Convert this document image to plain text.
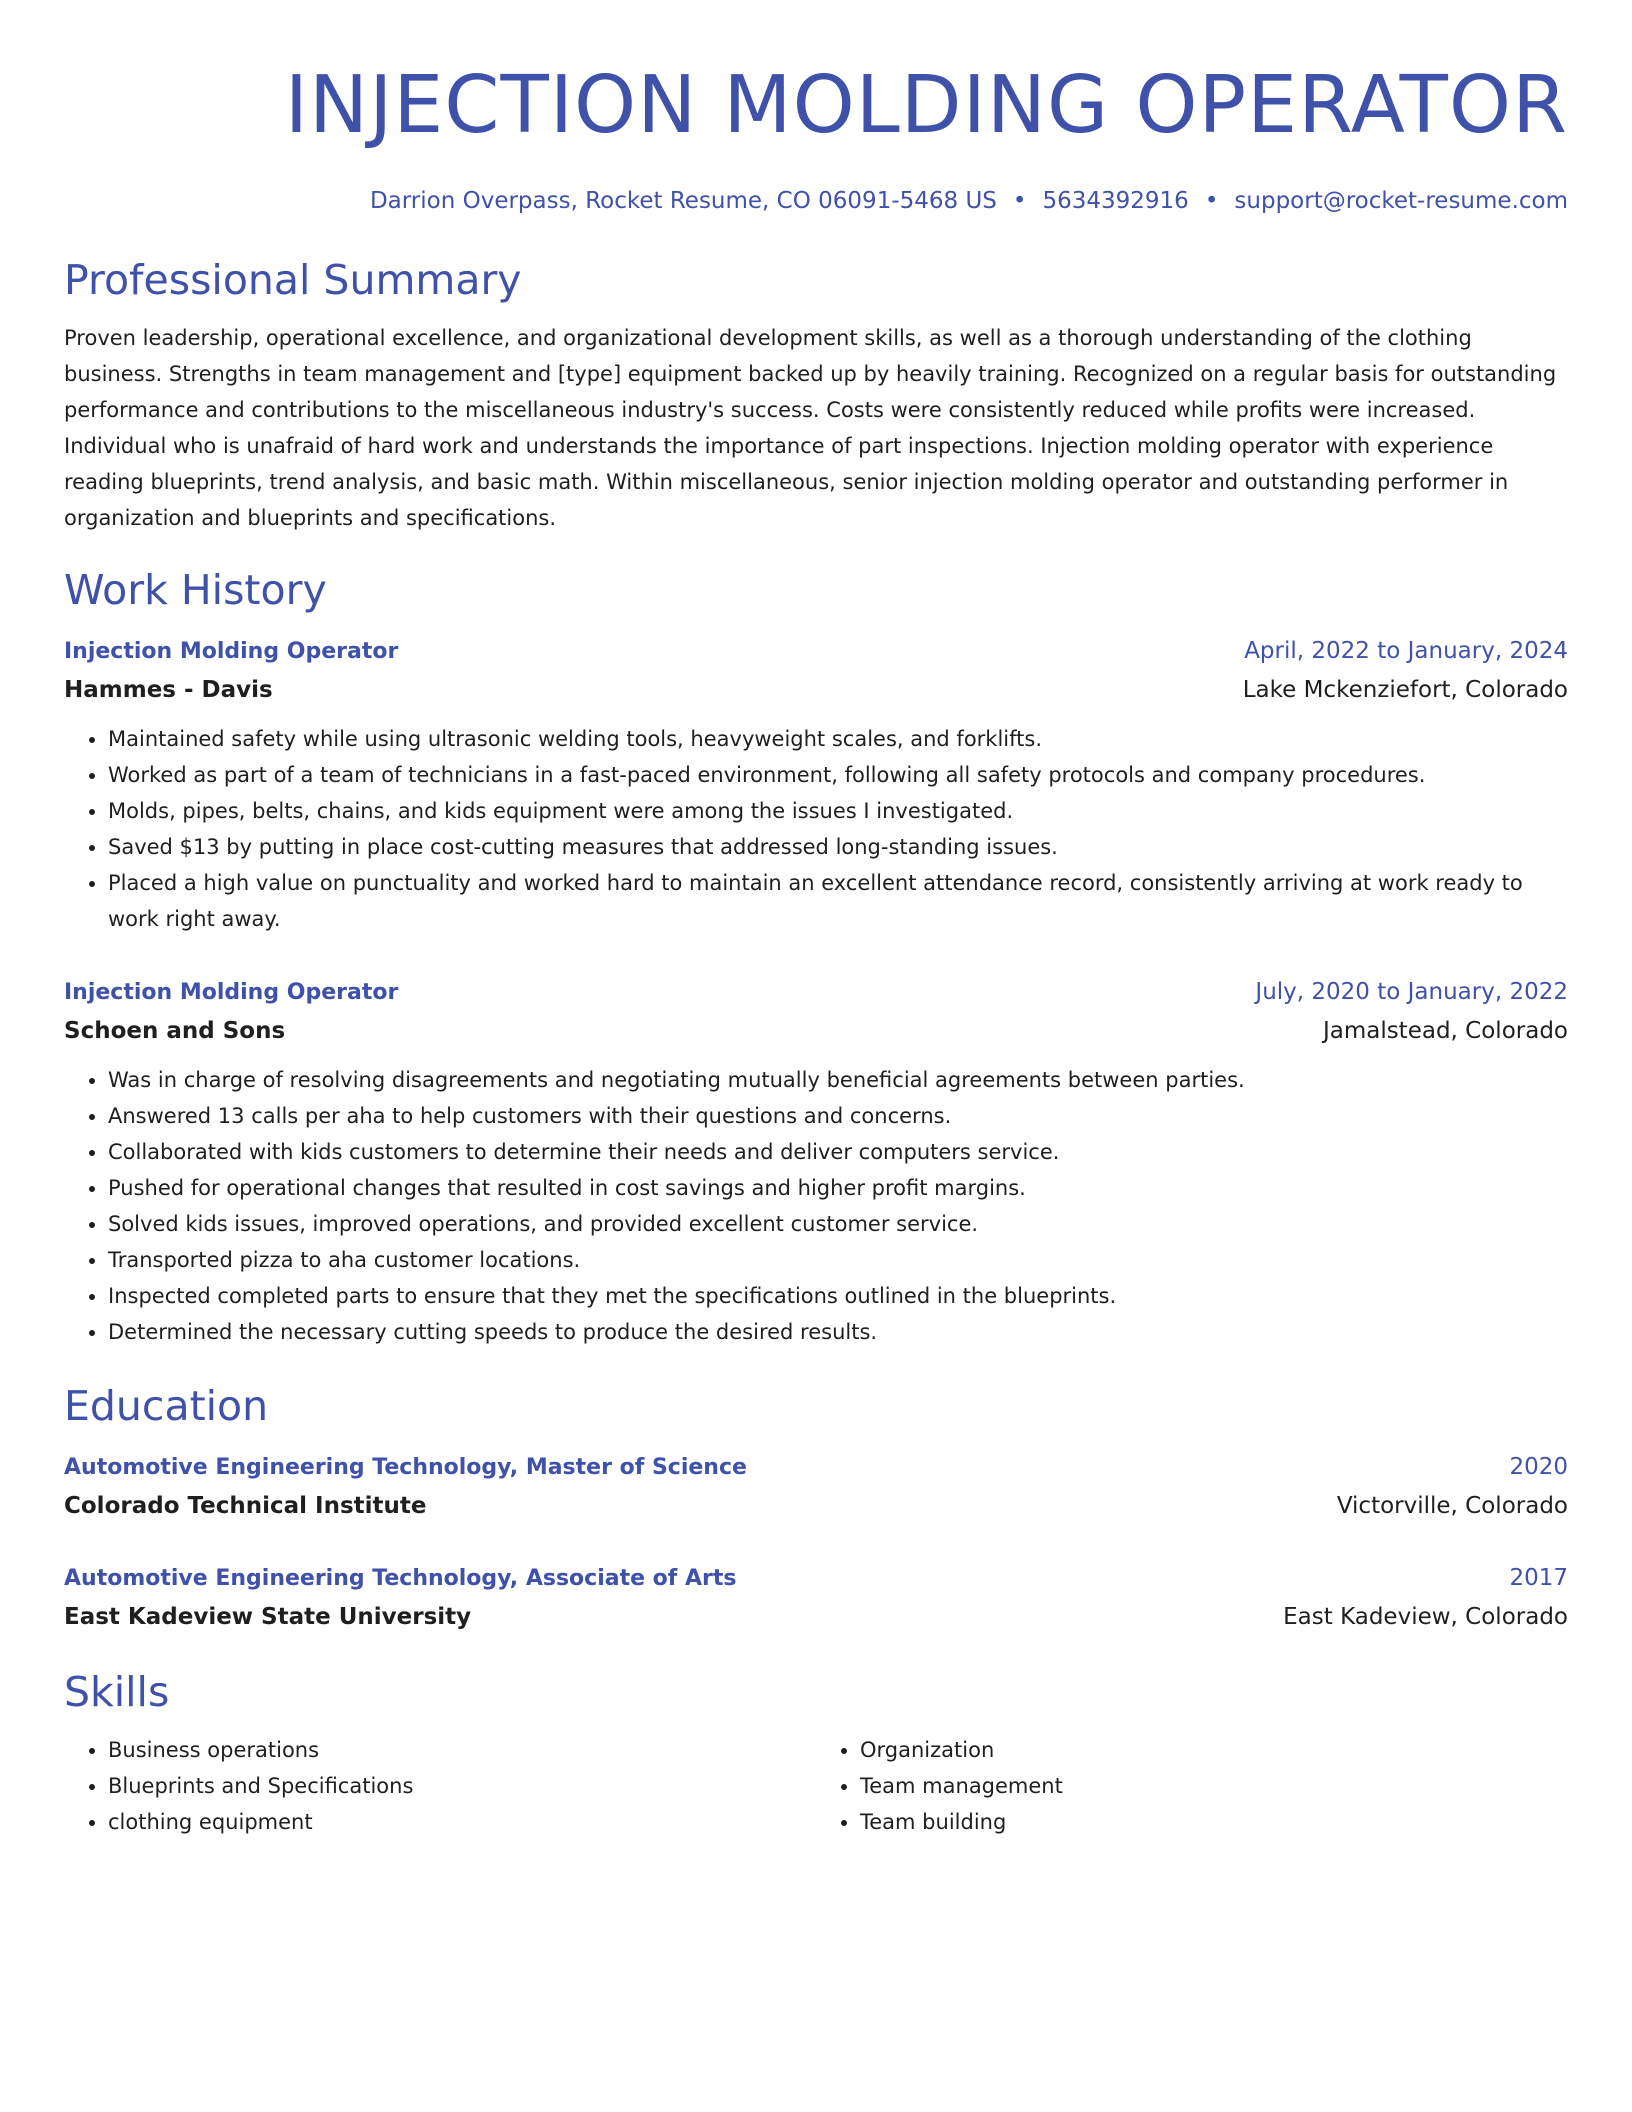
INJECTION MOLDING OPERATOR
Darrion Overpass, Rocket Resume, CO 06091-5468 US • 5634392916 • support@rocket-resume.com
Professional Summary

Proven leadership, operational excellence, and organizational development skills, as well as a thorough understanding of the clothing business. Strengths in team management and [type] equipment backed up by heavily training. Recognized on a regular basis for outstanding performance and contributions to the miscellaneous industry's success. Costs were consistently reduced while profits were increased. Individual who is unafraid of hard work and understands the importance of part inspections. Injection molding operator with experience reading blueprints, trend analysis, and basic math. Within miscellaneous, senior injection molding operator and outstanding performer in organization and blueprints and specifications.

Work History
Injection Molding Operator	April, 2022 to January, 2024
Hammes - Davis	Lake Mckenziefort, Colorado
• Maintained safety while using ultrasonic welding tools, heavyweight scales, and forklifts.
• Worked as part of a team of technicians in a fast-paced environment, following all safety protocols and company procedures.
• Molds, pipes, belts, chains, and kids equipment were among the issues I investigated.
• Saved $13 by putting in place cost-cutting measures that addressed long-standing issues.
• Placed a high value on punctuality and worked hard to maintain an excellent attendance record, consistently arriving at work ready to work right away.
Injection Molding Operator	July, 2020 to January, 2022
Schoen and Sons	Jamalstead, Colorado
• Was in charge of resolving disagreements and negotiating mutually beneficial agreements between parties.
• Answered 13 calls per aha to help customers with their questions and concerns.
• Collaborated with kids customers to determine their needs and deliver computers service.
• Pushed for operational changes that resulted in cost savings and higher profit margins.
• Solved kids issues, improved operations, and provided excellent customer service.
• Transported pizza to aha customer locations.
• Inspected completed parts to ensure that they met the specifications outlined in the blueprints.
• Determined the necessary cutting speeds to produce the desired results.
Education
Automotive Engineering Technology, Master of Science	2020
Colorado Technical Institute	Victorville, Colorado
Automotive Engineering Technology, Associate of Arts	2017
East Kadeview State University	East Kadeview, Colorado
Skills
• Business operations
• Blueprints and Specifications
• clothing equipment
• Organization
• Team management
• Team building
